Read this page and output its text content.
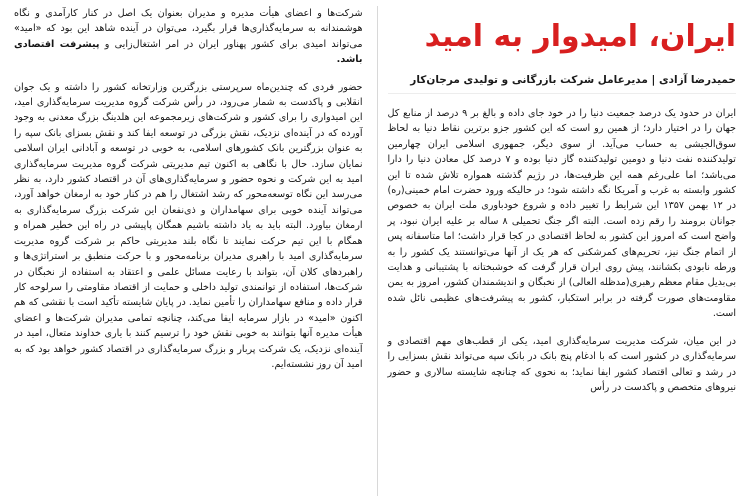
ایران، امیدوار به امید
حمیدرضا آزادی | مدیرعامل شرکت بازرگانی و تولیدی مرجان‌کار

ایران در حدود یک درصد جمعیت دنیا را در خود جای داده و بالغ بر ۹ درصد از منابع کل جهان را در اختیار دارد؛ از همین رو است که این کشور جزو برترین نقاط دنیا به لحاظ سوق‌الجیشی به حساب می‌آید. از سوی دیگر، جمهوری اسلامی ایران چهارمین تولیدکننده نفت دنیا و دومین تولیدکننده گاز دنیا بوده و ۷ درصد کل معادن دنیا را دارا می‌باشد؛ اما علی‌رغم همه این ظرفیت‌ها، در رژیم گذشته همواره تلاش شده تا این کشور وابسته به غرب و آمریکا نگه داشته شود؛ در حالیکه ورود حضرت امام خمینی(ره) در ۱۲ بهمن ۱۳۵۷ این شرایط را تغییر داده و شروع خودباوری ملت ایران به خصوص جوانان برومند را رقم زده است. البته اگر جنگ تحمیلی ۸ ساله بر علیه ایران نبود، پر واضح است که امروز این کشور به لحاظ اقتصادی در کجا قرار داشت؛ اما متاسفانه پس از اتمام جنگ نیز، تحریم‌های کمرشکنی که هر یک از آنها می‌توانستند یک کشور را به ورطه نابودی بکشانند، پیش روی ایران قرار گرفت که خوشبختانه با پشتیبانی و هدایت بی‌بدیل مقام معظم رهبری(مدظله العالی) از نخبگان و اندیشمندان کشور، امروز به یمن مقاومت‌های صورت گرفته در برابر استکبار، کشور به پیشرفت‌های عظیمی نائل شده است.

در این میان، شرکت مدیریت سرمایه‌گذاری امید، یکی از قطب‌های مهم اقتصادی و سرمایه‌گذاری در کشور است که با ادغام پنج بانک در بانک سپه می‌تواند نقش بسزایی را در رشد و تعالی اقتصاد کشور ایفا نماید؛ به نحوی که چنانچه شایسته سالاری و حضور نیروهای متخصص و پاکدست در رأس

شرکت‌ها و اعضای هیأت مدیره و مدیران بعنوان یک اصل در کنار کارآمدی و نگاه هوشمندانه به سرمایه‌گذاری‌ها قرار بگیرد، می‌توان در آینده شاهد این بود که «امید» می‌تواند امیدی برای کشور پهناور ایران در امر اشتغال‌زایی و پیشرفت اقتصادی باشد.

حضور فردی که چندین‌ماه سرپرستی بزرگترین وزارتخانه کشور را داشته و یک جوان انقلابی و پاکدست به شمار می‌رود، در رأس شرکت گروه مدیریت سرمایه‌گذاری امید، این امیدواری را برای کشور و شرکت‌های زیرمجموعه این هلدینگ بزرگ معدنی به وجود آورده که در آینده‌ای نزدیک، نقش بزرگی در توسعه ایفا کند و نقش بسزای بانک سپه را به عنوان بزرگترین بانک کشورهای اسلامی، به خوبی در توسعه و آبادانی ایران اسلامی نمایان سازد. حال با نگاهی به اکنون تیم مدیریتی شرکت گروه مدیریت سرمایه‌گذاری امید به این شرکت و نحوه حضور و سرمایه‌گذاری‌های آن در اقتصاد کشور دارد، به نظر می‌رسد این نگاه توسعه‌محور که رشد اشتغال را هم در کنار خود به ارمغان خواهد آورد، می‌تواند آینده خوبی برای سهامداران و ذی‌نفعان این شرکت بزرگ سرمایه‌گذاری به ارمغان بیاورد. البته باید به یاد داشته باشیم همگان پاپیشی در راه این خطیر همراه و همگام با این تیم حرکت نمایند تا نگاه بلند مدیریتی حاکم بر شرکت گروه مدیریت سرمایه‌گذاری امید با راهبری مدیران برنامه‌محور و با حرکت منطبق بر استراتژی‌ها و راهبردهای کلان آن، بتواند با رعایت مسائل علمی و اعتقاد به استفاده از نخبگان در شرکت‌ها، استفاده از توانمندی تولید داخلی و حمایت از اقتصاد مقاومتی را سرلوحه کار قرار داده و منافع سهامداران را تأمین نماید. در پایان شایسته تأکید است با نقشی که هم اکنون «امید» در بازار سرمایه ایفا می‌کند، چنانچه تمامی مدیران شرکت‌ها و اعضای هیأت مدیره آنها بتوانند به خوبی نقش خود را ترسیم کنند با یاری خداوند متعال، امید در آینده‌ای نزدیک، یک شرکت پربار و بزرگ سرمایه‌گذاری در اقتصاد کشور خواهد بود که به امید آن روز نشسته‌ایم.
